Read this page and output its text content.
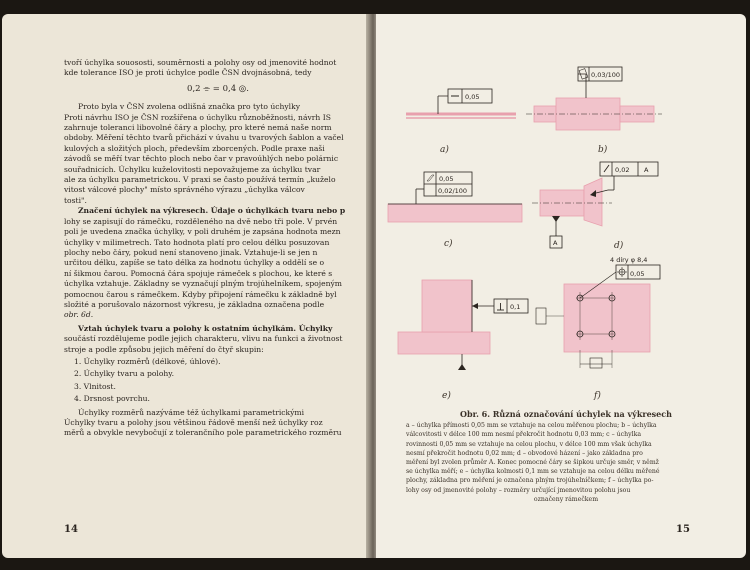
tvoří úchylka souososti, souměrnosti a polohy osy od jmenovité hodnot

kde tolerance ISO je proti úchylce podle ČSN dvojnásobná, tedy

0,2 ⌯ = 0,4 ◎.

Proto byla v ČSN zvolena odlišná značka pro tyto úchylky

Proti návrhu ISO je ČSN rozšířena o úchylku různoběžnosti, návrh IS

zahrnuje toleranci libovolné čáry a plochy, pro které nemá naše norm

obdoby. Měření těchto tvarů přichází v úvahu u tvarových šablon a vačel

kulových a složitých ploch, především zborcených. Podle praxe naši

závodů se měří tvar těchto ploch nebo čar v pravoúhlých nebo polárnic

souřadnicích. Úchylku kuželovitosti nepovažujeme za úchylku tvar

ale za úchylku parametrickou. V praxi se často používá termín „kuželo

vitost válcové plochy" místo správného výrazu „úchylka válcov

tosti".

Značení úchylek na výkresech. Údaje o úchylkách tvaru nebo p

lohy se zapisují do rámečku, rozděleného na dvě nebo tři pole. V prvén

poli je uvedena značka úchylky, v poli druhém je zapsána hodnota mezn

úchylky v milimetrech. Tato hodnota platí pro celou délku posuzovan

plochy nebo čáry, pokud není stanoveno jinak. Vztahuje-li se jen n

určitou délku, zapíše se tato délka za hodnotu úchylky a oddělí se o

ní šikmou čarou. Pomocná čára spojuje rámeček s plochou, ke které s

úchylka vztahuje. Základny se vyznačují plným trojúhelníkem, spojeným

pomocnou čarou s rámečkem. Kdyby připojení rámečku k základně byl

složité a porušovalo názornost výkresu, je základna označena podle

obr. 6d.

Vztah úchylek tvaru a polohy k ostatním úchylkám. Úchylky

součástí rozdělujeme podle jejich charakteru, vlivu na funkci a životnost

stroje a podle způsobu jejich měření do čtyř skupin:

1. Úchylky rozměrů (délkové, úhlové).

2. Úchylky tvaru a polohy.

3. Vlnitost.

4. Drsnost povrchu.

Úchylky rozměrů nazýváme též úchylkami parametrickými

Úchylky tvaru a polohy jsou většinou řádově menší než úchylky roz

měrů a obvykle nevybočují z tolerančního pole parametrického rozměru

14
0,05
a)
0,03/100
b)
0,05
0,02/100
c)	A
0,02 A
d)
0,1
e)
4 díry φ 8,4
0,05
f)
Obr. 6. Různá označování úchylek na výkresech
a – úchylka přímosti 0,05 mm se vztahuje na celou měřenou plochu; b – úchylka
válcovitosti v délce 100 mm nesmí překročit hodnotu 0,03 mm; c – úchylka
rovinnosti 0,05 mm se vztahuje na celou plochu, v délce 100 mm však úchylka
nesmí překročit hodnotu 0,02 mm; d – obvodové házení – jako základna pro
měření byl zvolen průměr A. Konec pomocné čáry se šipkou určuje směr, v němž
se úchylka měří; e – úchylka kolmosti 0,1 mm se vztahuje na celou délku měřené
plochy, základna pro měření je označena plným trojúhelníčkem; f – úchylka po-
lohy osy od jmenovité polohy – rozměry určující jmenovitou polohu jsou
označeny rámečkem
15
